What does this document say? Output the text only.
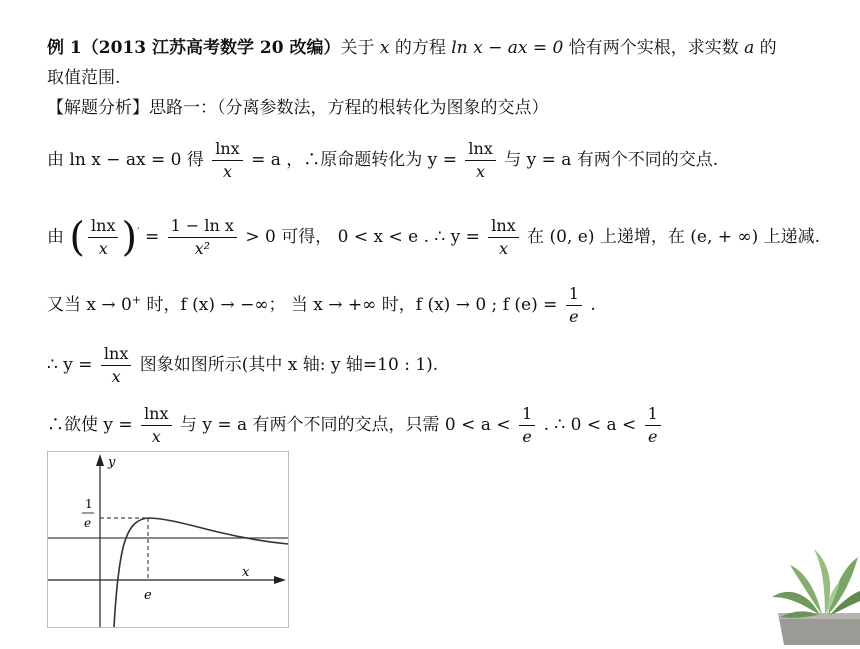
例 1（2013 江苏高考数学 20 改编）关于 x 的方程 ln x − ax = 0 恰有两个实根，求实数 a 的
取值范围.
【解题分析】思路一：（分离参数法，方程的根转化为图象的交点）
由 ln x − ax = 0 得 $\frac{\ln x}{x} = a$ ，∴原命题转化为 $y = \frac{\ln x}{x}$ 与 y = a 有两个不同的交点.
由 ( $\frac{\ln x}{x} )' = \frac{\text{1 − ln x}}{\text{x²}} > 0$ 可得， 0 < x < e . ∴ $y = \frac{\ln x}{x}$ 在 (0, e) 上递增，在 (e, + ∞) 上递减.
又当 x → 0+ 时，f (x) → −∞； 当 x → +∞ 时，f (x) → 0 ; f $(e) = \frac{1}{e}$ .
∴ $y = \frac{\ln x}{x}$ 图象如图所示(其中 x 轴: y 轴=10 : 1).
∴欲使 $y = \frac{\ln x}{x}$ 与 y = a 有两个不同的交点，只需 $0 < a < \frac{1}{e}$ . ∴ $0 < a < \frac{1}{e}$
y
x
e
1
e
